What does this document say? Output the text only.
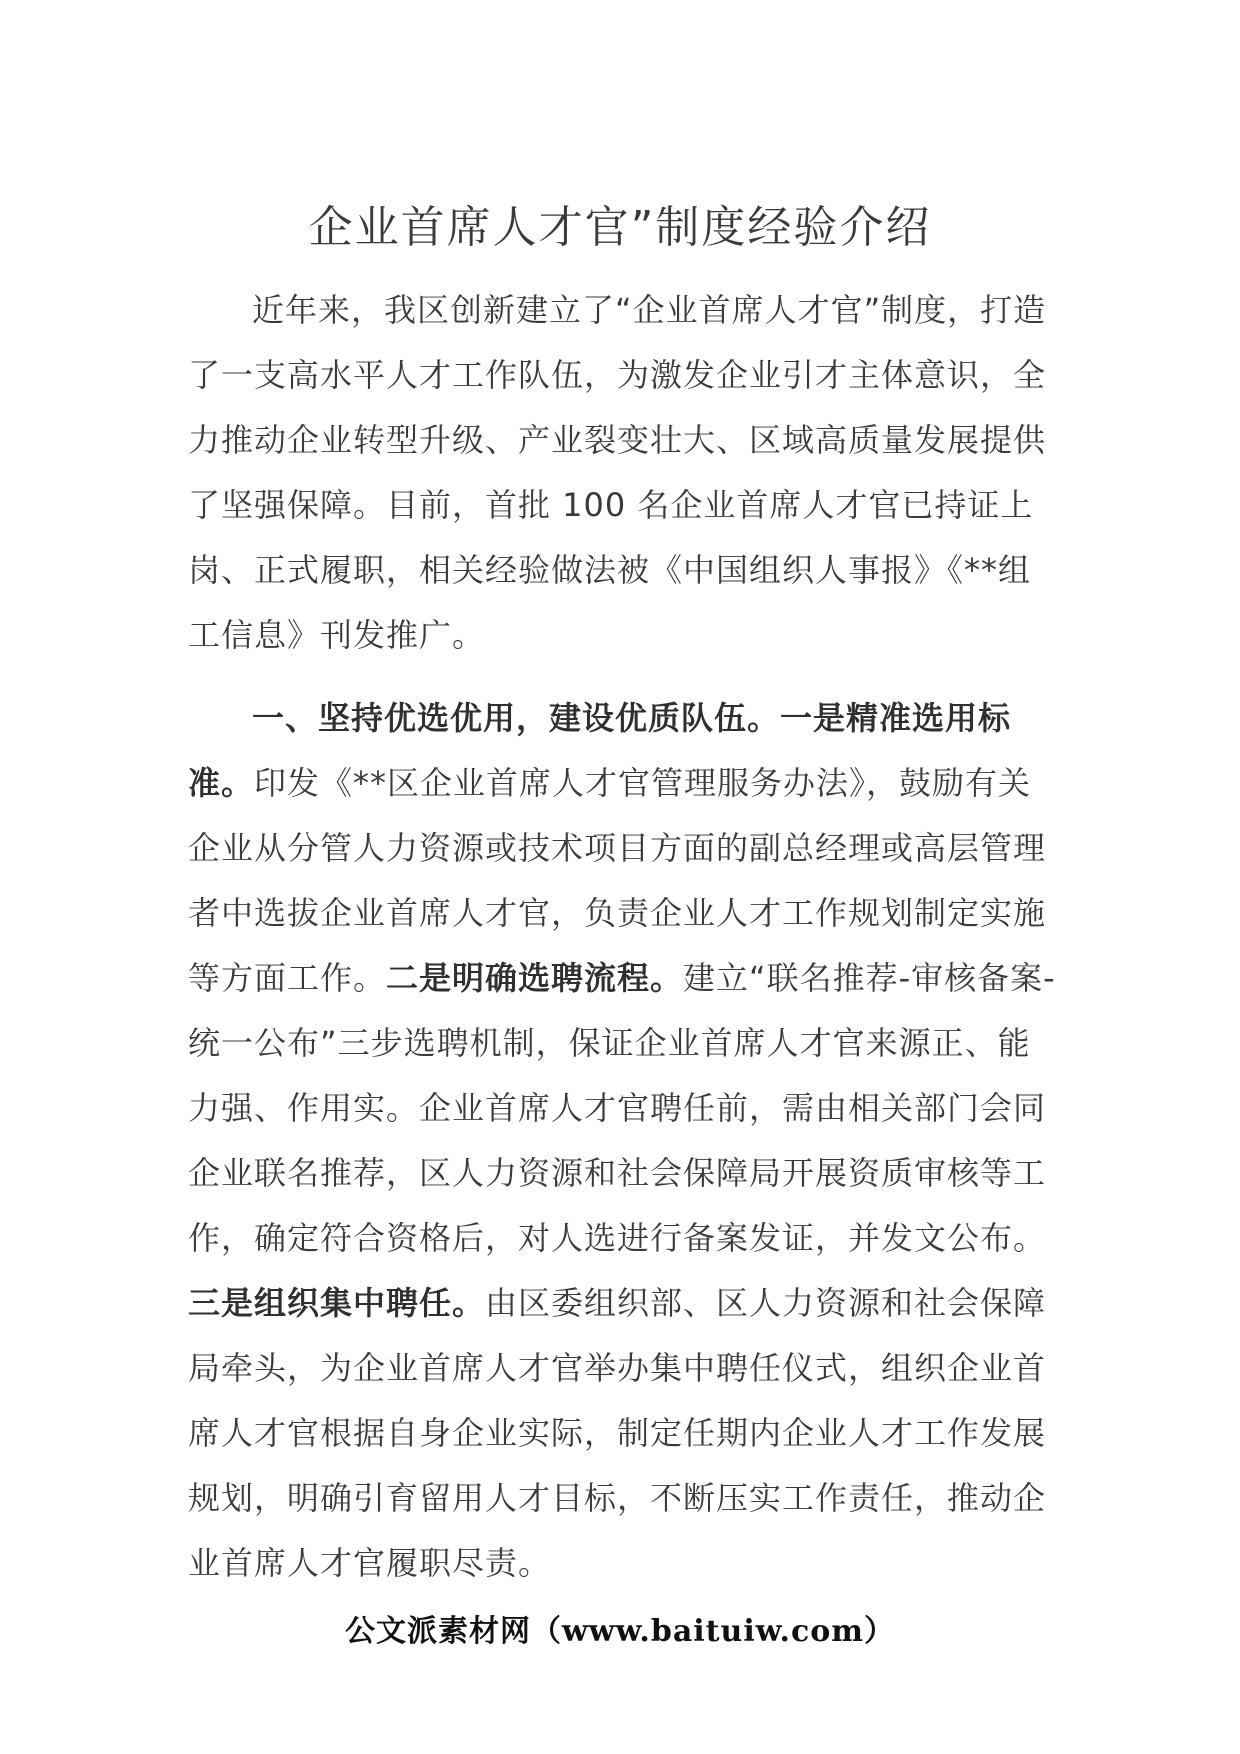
企业首席人才官”制度经验介绍

近年来，我区创新建立了“企业首席人才官”制度，打造了一支高水平人才工作队伍，为激发企业引才主体意识，全力推动企业转型升级、产业裂变壮大、区域高质量发展提供了坚强保障。目前，首批 100 名企业首席人才官已持证上岗、正式履职，相关经验做法被《中国组织人事报》《**组工信息》刊发推广。

一、坚持优选优用，建设优质队伍。一是精准选用标准。印发《**区企业首席人才官管理服务办法》，鼓励有关企业从分管人力资源或技术项目方面的副总经理或高层管理者中选拔企业首席人才官，负责企业人才工作规划制定实施等方面工作。二是明确选聘流程。建立“联名推荐-审核备案-统一公布”三步选聘机制，保证企业首席人才官来源正、能力强、作用实。企业首席人才官聘任前，需由相关部门会同企业联名推荐，区人力资源和社会保障局开展资质审核等工作，确定符合资格后，对人选进行备案发证，并发文公布。三是组织集中聘任。由区委组织部、区人力资源和社会保障局牵头，为企业首席人才官举办集中聘任仪式，组织企业首席人才官根据自身企业实际，制定任期内企业人才工作发展规划，明确引育留用人才目标，不断压实工作责任，推动企业首席人才官履职尽责。

公文派素材网（www.baituiw.com）
